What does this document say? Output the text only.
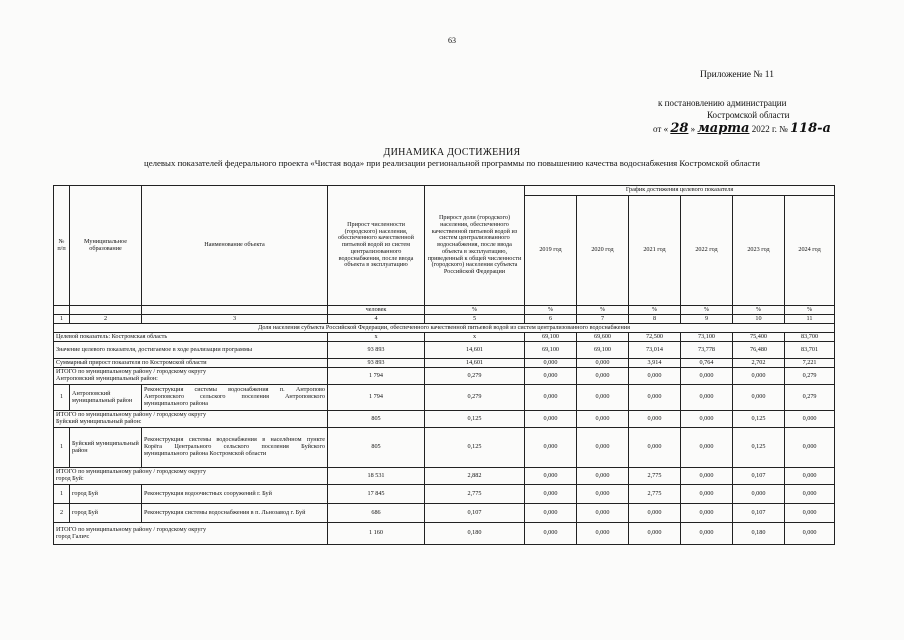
63
Приложение № 11
к постановлению администрации
Костромской области
от « 28 » марта 2022 г. № 118-а
ДИНАМИКА ДОСТИЖЕНИЯ
целевых показателей федерального проекта «Чистая вода» при реализации региональной программы по повышению качества водоснабжения Костромской области
№ п/п	Муниципальное образование	Наименование объекта	Прирост численности (городского) населения, обеспеченного качественной питьевой водой из систем централизованного водоснабжения, после ввода объекта в эксплуатацию	Прирост доли (городского) населения, обеспеченного качественной питьевой водой из систем централизованного водоснабжения, после ввода объекта в эксплуатацию, приведенный к общей численности (городского) населения субъекта Российской Федерации	График достижения целевого показателя					
					2019 год	2020 год	2021 год	2022 год	2023 год	2024 год
			человек	%	%	%	%	%	%	%
1	2	3	4	5	6	7	8	9	10	11
Доля населения субъекта Российской Федерации, обеспеченного качественной питьевой водой из систем централизованного водоснабжения										
Целевой показатель: Костромская область			x	x	69,100	69,600	72,500	73,100	75,400	83,700
Значение целевого показателя, достигаемое в ходе реализации программы			93 893	14,601	69,100	69,100	73,014	73,778	76,480	83,701
Суммарный прирост показателя по Костромской области			93 893	14,601	0,000	0,000	3,914	0,764	2,702	7,221
ИТОГО по муниципальному району / городскому округу
Антроповский муниципальный район:			1 794	0,279	0,000	0,000	0,000	0,000	0,000	0,279
1	Антроповский муниципальный район	Реконструкция системы водоснабжения п. Антропово Антроповского сельского поселения Антроповского муниципального района	1 794	0,279	0,000	0,000	0,000	0,000	0,000	0,279
ИТОГО по муниципальному району / городскому округу
Буйский муниципальный район:			805	0,125	0,000	0,000	0,000	0,000	0,125	0,000
1	Буйский муниципальный район	Реконструкция системы водоснабжения в населённом пункте Корёга Центрального сельского поселения Буйского муниципального района Костромской области	805	0,125	0,000	0,000	0,000	0,000	0,125	0,000
ИТОГО по муниципальному району / городскому округу
город Буй:			18 531	2,882	0,000	0,000	2,775	0,000	0,107	0,000
1	город Буй	Реконструкция водоочистных сооружений г. Буй	17 845	2,775	0,000	0,000	2,775	0,000	0,000	0,000
2	город Буй	Реконструкция системы водоснабжения в п. Льнозавод г. Буй	686	0,107	0,000	0,000	0,000	0,000	0,107	0,000
ИТОГО по муниципальному району / городскому округу
город Галич:			1 160	0,180	0,000	0,000	0,000	0,000	0,180	0,000
